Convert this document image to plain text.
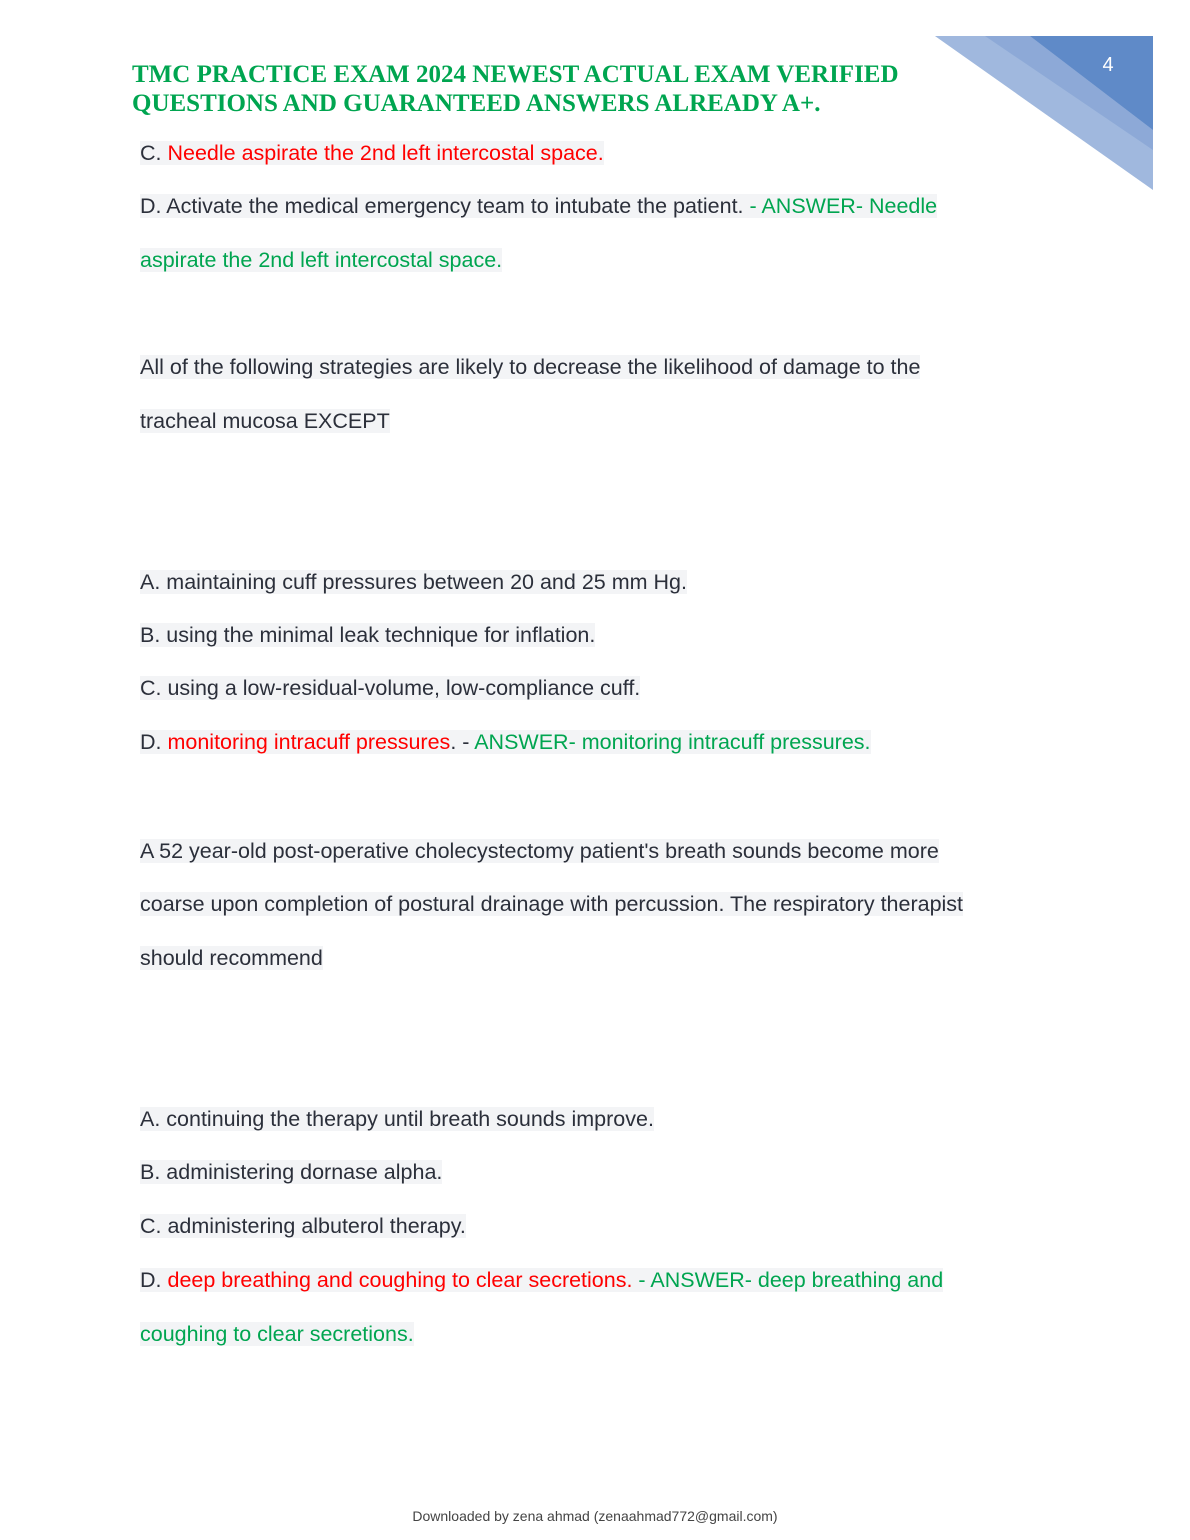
4
TMC PRACTICE EXAM 2024 NEWEST ACTUAL EXAM VERIFIED
QUESTIONS AND GUARANTEED ANSWERS ALREADY A+.
C. Needle aspirate the 2nd left intercostal space.
D. Activate the medical emergency team to intubate the patient. - ANSWER- Needle
aspirate the 2nd left intercostal space.
All of the following strategies are likely to decrease the likelihood of damage to the
tracheal mucosa EXCEPT
A. maintaining cuff pressures between 20 and 25 mm Hg.
B. using the minimal leak technique for inflation.
C. using a low-residual-volume, low-compliance cuff.
D. monitoring intracuff pressures. - ANSWER- monitoring intracuff pressures.
A 52 year-old post-operative cholecystectomy patient's breath sounds become more
coarse upon completion of postural drainage with percussion. The respiratory therapist
should recommend
A. continuing the therapy until breath sounds improve.
B. administering dornase alpha.
C. administering albuterol therapy.
D. deep breathing and coughing to clear secretions. - ANSWER- deep breathing and
coughing to clear secretions.
Downloaded by zena ahmad (zenaahmad772@gmail.com)
